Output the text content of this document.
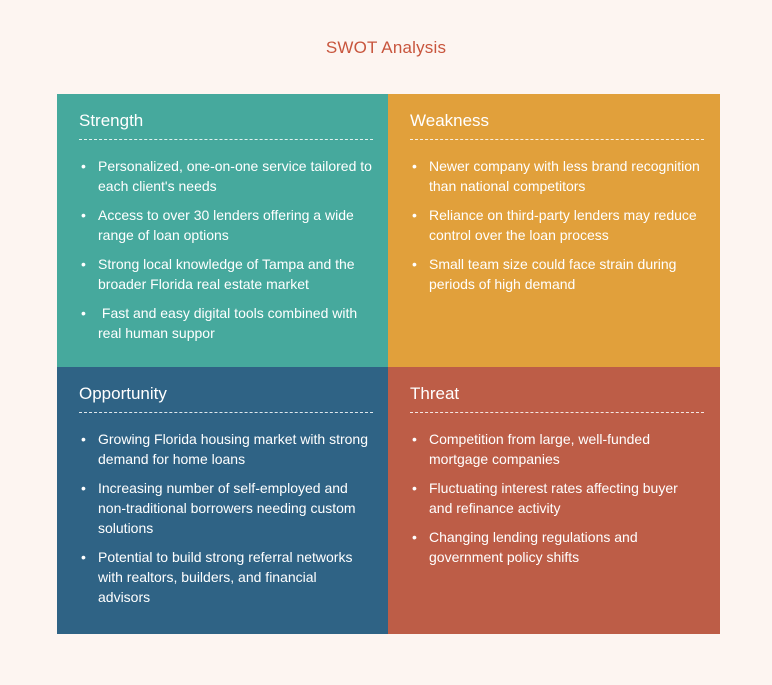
SWOT Analysis
Strength
• Personalized, one-on-one service tailored to each client's needs
• Access to over 30 lenders offering a wide range of loan options
• Strong local knowledge of Tampa and the broader Florida real estate market
•  Fast and easy digital tools combined with real human suppor
Weakness
• Newer company with less brand recognition than national competitors
• Reliance on third-party lenders may reduce control over the loan process
• Small team size could face strain during periods of high demand
Opportunity
• Growing Florida housing market with strong demand for home loans
• Increasing number of self-employed and non-traditional borrowers needing custom solutions
• Potential to build strong referral networks with realtors, builders, and financial advisors
Threat
• Competition from large, well-funded mortgage companies
• Fluctuating interest rates affecting buyer and refinance activity
• Changing lending regulations and government policy shifts
